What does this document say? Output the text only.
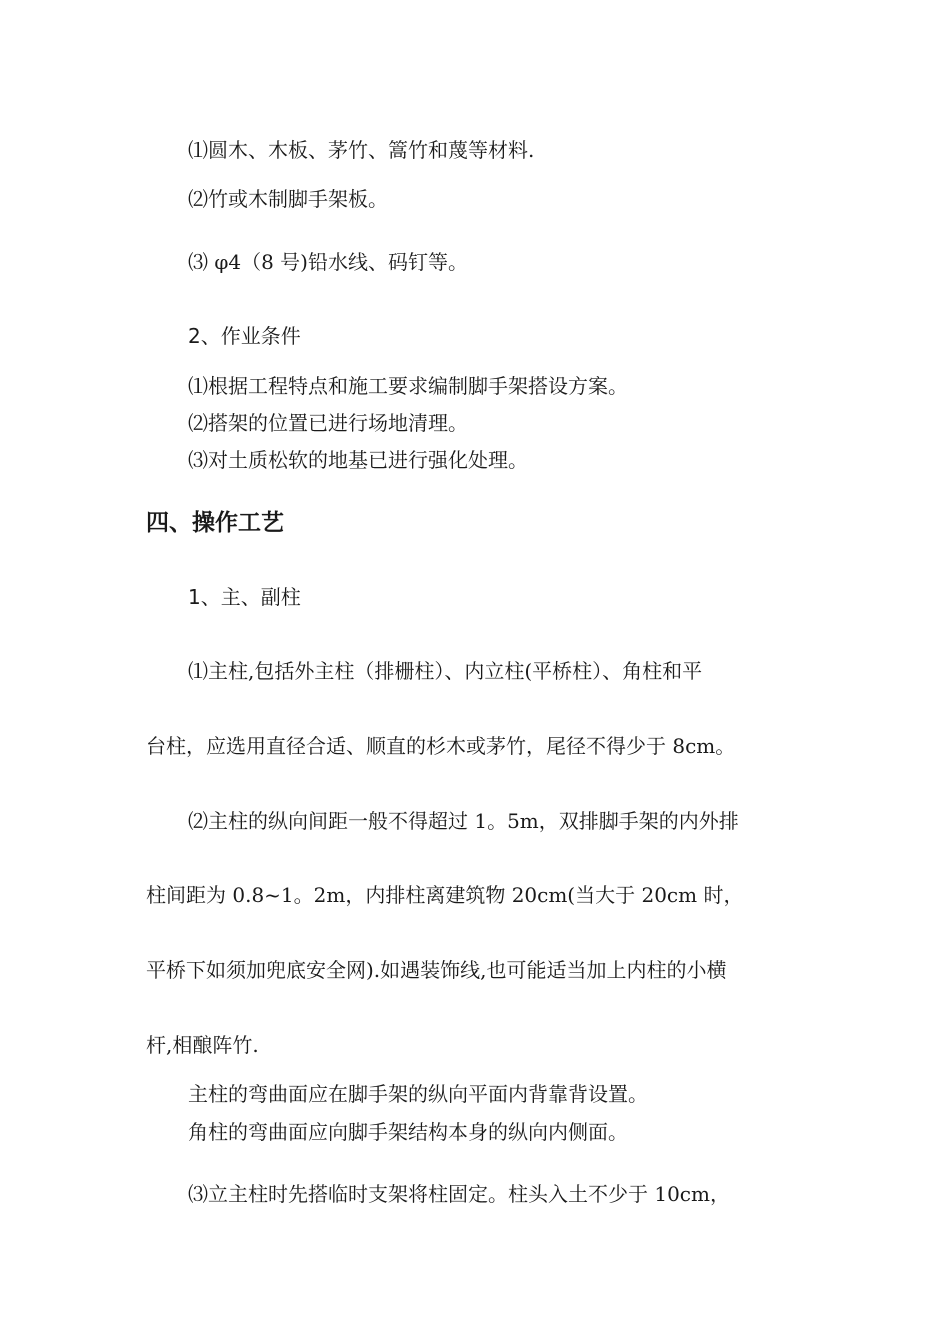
⑴圆木、木板、茅竹、篙竹和蔑等材料.
⑵竹或木制脚手架板。
⑶ φ4（8 号)铅水线、码钉等。
2、作业条件
⑴根据工程特点和施工要求编制脚手架搭设方案。
⑵搭架的位置已进行场地清理。
⑶对土质松软的地基已进行强化处理。
四、操作工艺
1、主、副柱
⑴主柱,包括外主柱（排栅柱）、内立柱(平桥柱）、角柱和平
台柱，应选用直径合适、顺直的杉木或茅竹，尾径不得少于 8cm。
⑵主柱的纵向间距一般不得超过 1。5m，双排脚手架的内外排
柱间距为 0.8~1。2m，内排柱离建筑物 20cm(当大于 20cm 时，
平桥下如须加兜底安全网).如遇装饰线,也可能适当加上内柱的小横
杆,相酿阵竹.
主柱的弯曲面应在脚手架的纵向平面内背靠背设置。
角柱的弯曲面应向脚手架结构本身的纵向内侧面。
⑶立主柱时先搭临时支架将柱固定。柱头入土不少于 10cm，
